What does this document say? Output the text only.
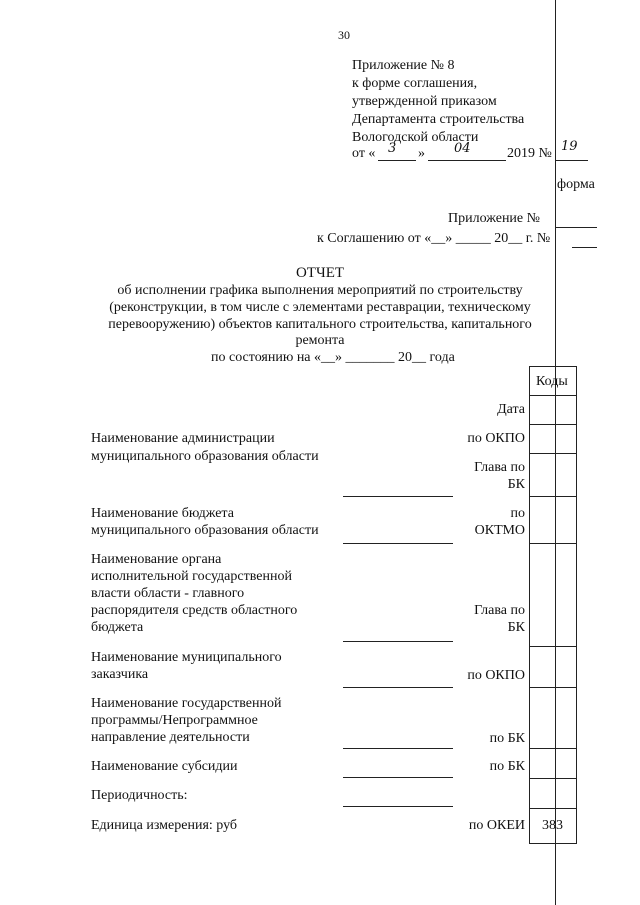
30
Приложение № 8
к форме соглашения,
утвержденной приказом
Департамента строительства
Вологодской области
от « 3 » 04	2019 № 19
форма
Приложение №
к Соглашению от «__» _____ 20__ г. №
ОТЧЕТ
об исполнении графика выполнения мероприятий по строительству
(реконструкции, в том числе с элементами реставрации, техническому
перевооружению) объектов капитального строительства, капитального
ремонта
по состоянию на «__» _______ 20__ года
Коды
383
Дата
по ОКПО
Глава по
БК
по
ОКТМО
Глава по
БК
по ОКПО
по БК
по БК
по ОКЕИ
Наименование администрации
муниципального образования области
Наименование бюджета
муниципального образования области
Наименование органа
исполнительной государственной
власти области - главного
распорядителя средств областного
бюджета
Наименование муниципального
заказчика
Наименование государственной
программы/Непрограммное
направление деятельности
Наименование субсидии
Периодичность:
Единица измерения: руб
